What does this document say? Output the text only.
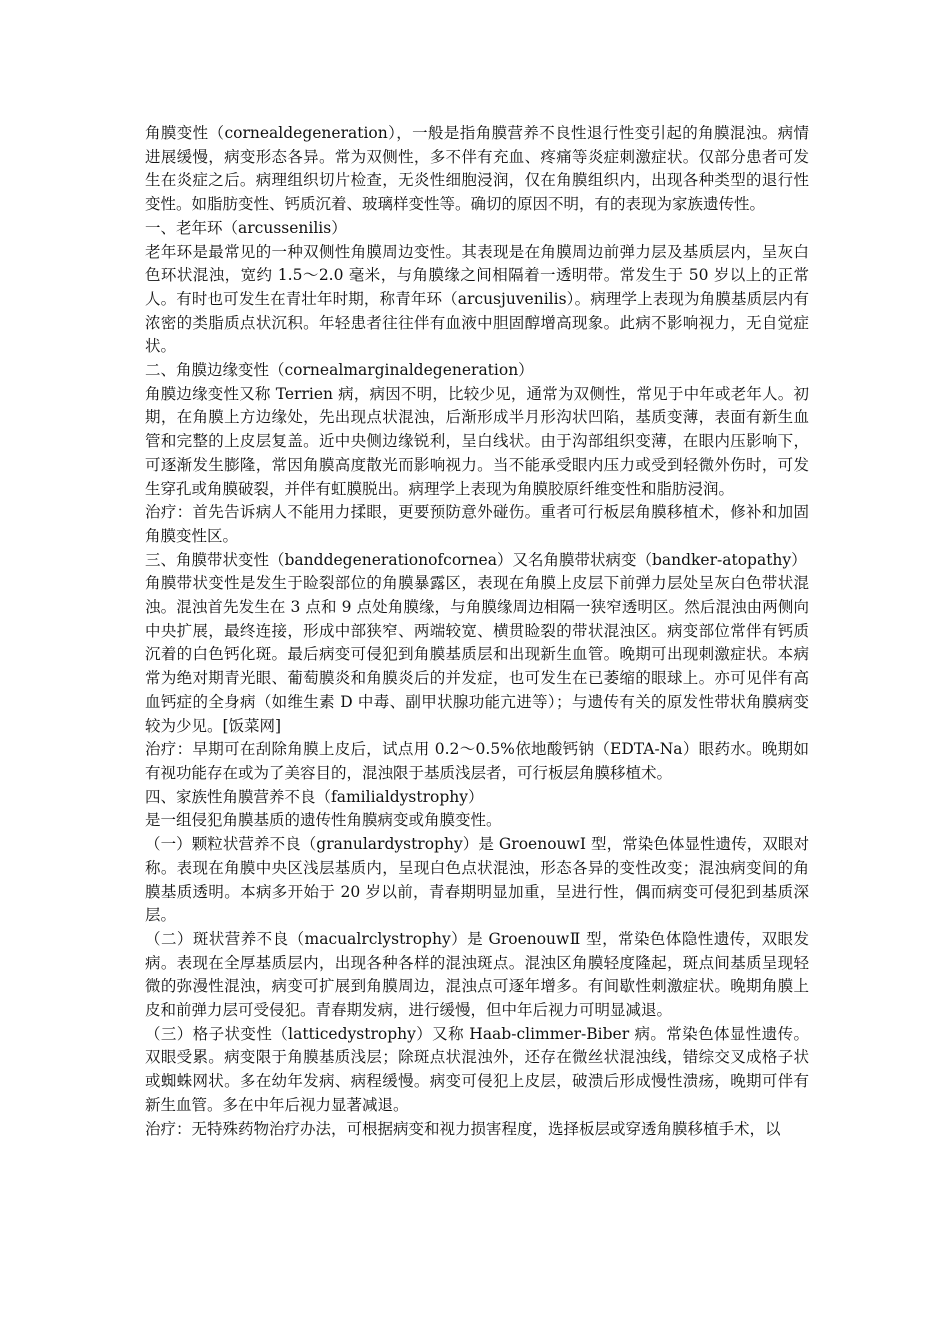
角膜变性（cornealdegeneration），一般是指角膜营养不良性退行性变引起的角膜混浊。病情进展缓慢，病变形态各异。常为双侧性，多不伴有充血、疼痛等炎症刺激症状。仅部分患者可发生在炎症之后。病理组织切片检查，无炎性细胞浸润，仅在角膜组织内，出现各种类型的退行性变性。如脂肪变性、钙质沉着、玻璃样变性等。确切的原因不明，有的表现为家族遗传性。

一、老年环（arcussenilis）

老年环是最常见的一种双侧性角膜周边变性。其表现是在角膜周边前弹力层及基质层内，呈灰白色环状混浊，宽约 1.5～2.0 毫米，与角膜缘之间相隔着一透明带。常发生于 50 岁以上的正常人。有时也可发生在青壮年时期，称青年环（arcusjuvenilis）。病理学上表现为角膜基质层内有浓密的类脂质点状沉积。年轻患者往往伴有血液中胆固醇增高现象。此病不影响视力，无自觉症状。

二、角膜边缘变性（cornealmarginaldegeneration）

角膜边缘变性又称 Terrien 病，病因不明，比较少见，通常为双侧性，常见于中年或老年人。初期，在角膜上方边缘处，先出现点状混浊，后渐形成半月形沟状凹陷，基质变薄，表面有新生血管和完整的上皮层复盖。近中央侧边缘锐利，呈白线状。由于沟部组织变薄，在眼内压影响下，可逐渐发生膨隆，常因角膜高度散光而影响视力。当不能承受眼内压力或受到轻微外伤时，可发生穿孔或角膜破裂，并伴有虹膜脱出。病理学上表现为角膜胶原纤维变性和脂肪浸润。

治疗：首先告诉病人不能用力揉眼，更要预防意外碰伤。重者可行板层角膜移植术，修补和加固角膜变性区。

三、角膜带状变性（banddegenerationofcornea）又名角膜带状病变（bandker-atopathy）

角膜带状变性是发生于睑裂部位的角膜暴露区，表现在角膜上皮层下前弹力层处呈灰白色带状混浊。混浊首先发生在 3 点和 9 点处角膜缘，与角膜缘周边相隔一狭窄透明区。然后混浊由两侧向中央扩展，最终连接，形成中部狭窄、两端较宽、横贯睑裂的带状混浊区。病变部位常伴有钙质沉着的白色钙化斑。最后病变可侵犯到角膜基质层和出现新生血管。晚期可出现刺激症状。本病常为绝对期青光眼、葡萄膜炎和角膜炎后的并发症，也可发生在已萎缩的眼球上。亦可见伴有高血钙症的全身病（如维生素 D 中毒、副甲状腺功能亢进等）；与遗传有关的原发性带状角膜病变较为少见。[饭菜网]

治疗：早期可在刮除角膜上皮后，试点用 0.2～0.5%依地酸钙钠（EDTA-Na）眼药水。晚期如有视功能存在或为了美容目的，混浊限于基质浅层者，可行板层角膜移植术。

四、家族性角膜营养不良（familialdystrophy）

是一组侵犯角膜基质的遗传性角膜病变或角膜变性。

（一）颗粒状营养不良（granulardystrophy）是 GroenouwⅠ 型，常染色体显性遗传，双眼对称。表现在角膜中央区浅层基质内，呈现白色点状混浊，形态各异的变性改变；混浊病变间的角膜基质透明。本病多开始于 20 岁以前，青春期明显加重，呈进行性，偶而病变可侵犯到基质深层。

（二）斑状营养不良（macualrclystrophy）是 GroenouwⅡ 型，常染色体隐性遗传，双眼发病。表现在全厚基质层内，出现各种各样的混浊斑点。混浊区角膜轻度隆起，斑点间基质呈现轻微的弥漫性混浊，病变可扩展到角膜周边，混浊点可逐年增多。有间歇性刺激症状。晚期角膜上皮和前弹力层可受侵犯。青春期发病，进行缓慢，但中年后视力可明显减退。

（三）格子状变性（latticedystrophy）又称 Haab-climmer-Biber 病。常染色体显性遗传。双眼受累。病变限于角膜基质浅层；除斑点状混浊外，还存在微丝状混浊线，错综交叉成格子状或蜘蛛网状。多在幼年发病、病程缓慢。病变可侵犯上皮层，破溃后形成慢性溃疡，晚期可伴有新生血管。多在中年后视力显著减退。

治疗：无特殊药物治疗办法，可根据病变和视力损害程度，选择板层或穿透角膜移植手术，以
